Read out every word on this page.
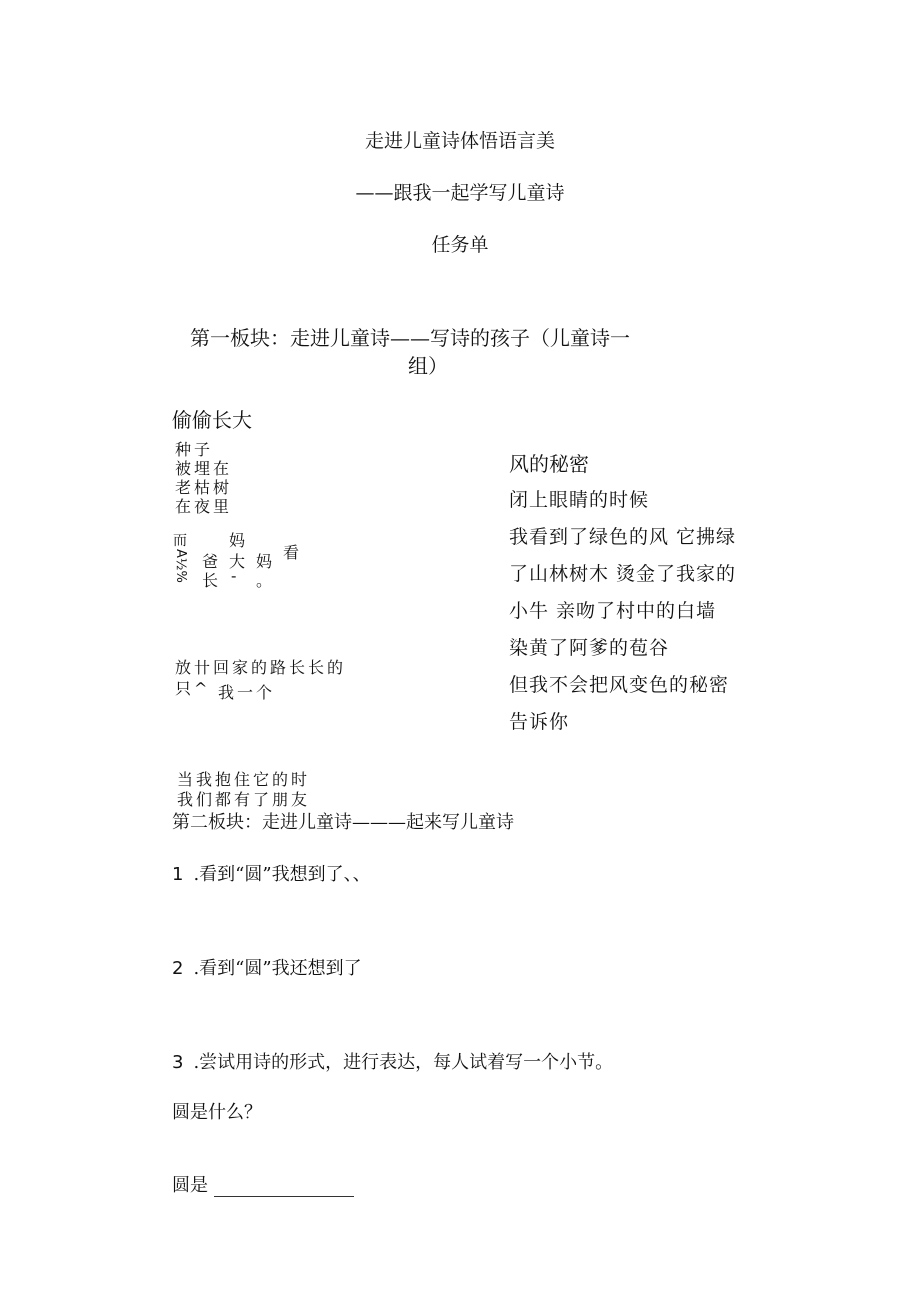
走进儿童诗体悟语言美
——跟我一起学写儿童诗
任务单
第一板块：走进儿童诗——写诗的孩子（儿童诗一
组）
偷偷长大
种子
被埋在
老枯树
在夜里
而
A½%
妈
爸 大 妈 看
长 - 。
放卄回家的路长长的
只^ 我一个
当我抱住它的时
我们都有了朋友
风的秘密
闭上眼睛的时候
我看到了绿色的风 它拂绿
了山林树木 烫金了我家的
小牛 亲吻了村中的白墙
染黄了阿爹的苞谷
但我不会把风变色的秘密
告诉你
第二板块：走进儿童诗———起来写儿童诗
1 .看到“圆”我想到了、、
2 .看到“圆”我还想到了
3 .尝试用诗的形式，进行表达，每人试着写一个小节。
圆是什么？
圆是
